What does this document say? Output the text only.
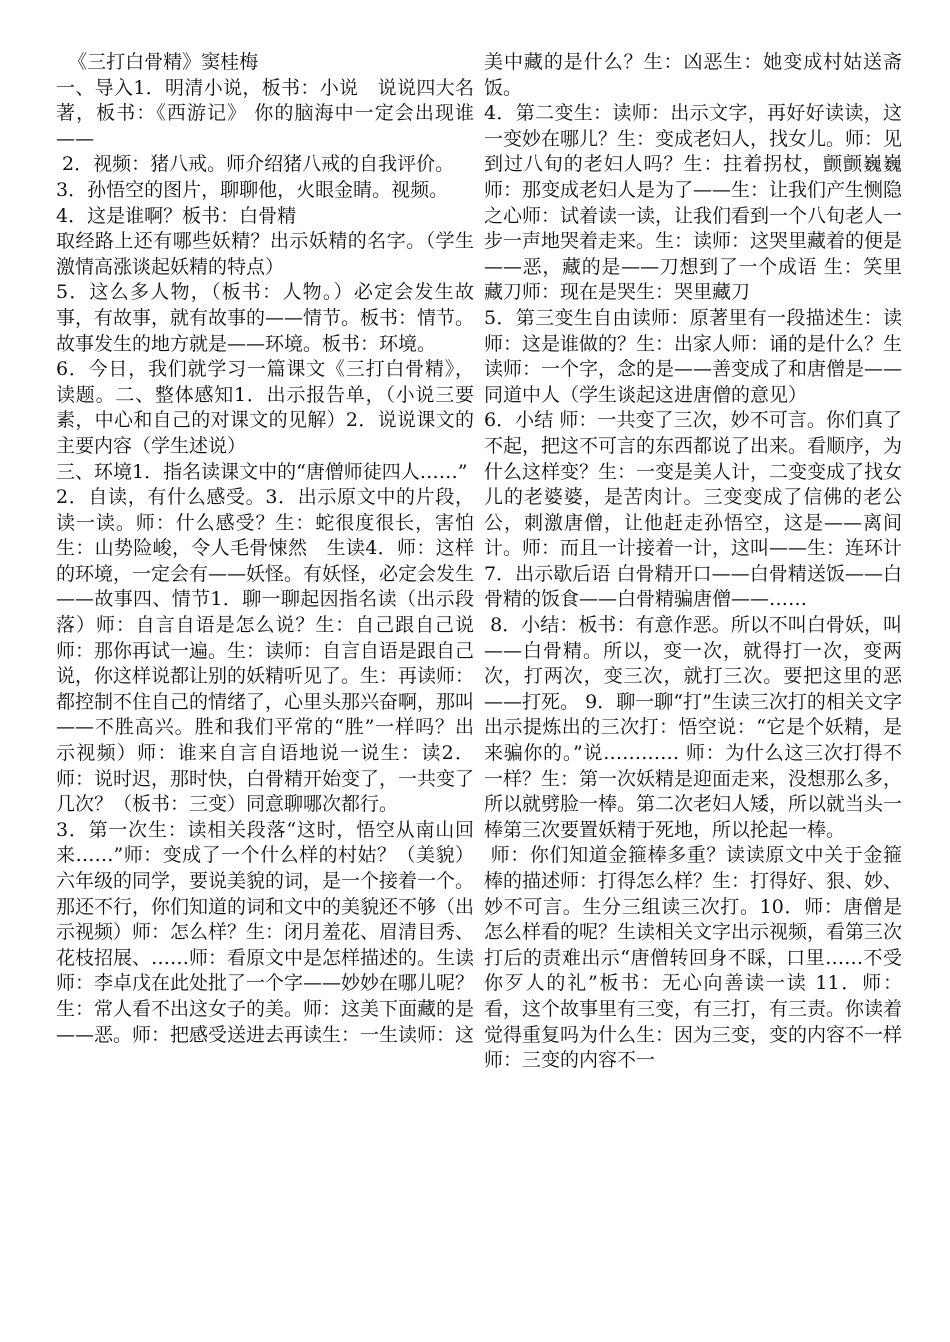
《三打白骨精》窦桂梅
一、导入1．明清小说，板书：小说　说说四大名著，板书：《西游记》 你的脑海中一定会出现谁——
2．视频：猪八戒。师介绍猪八戒的自我评价。
3．孙悟空的图片，聊聊他，火眼金睛。视频。
4．这是谁啊？板书：白骨精
取经路上还有哪些妖精？出示妖精的名字。（学生激情高涨谈起妖精的特点）
5．这么多人物，（板书：人物。）必定会发生故事，有故事，就有故事的——情节。板书：情节。故事发生的地方就是——环境。板书：环境。
6．今日，我们就学习一篇课文《三打白骨精》，读题。二、整体感知1．出示报告单，（小说三要素，中心和自己的对课文的见解）2．说说课文的主要内容（学生述说）
三、环境1．指名读课文中的“唐僧师徒四人……”
2．自读，有什么感受。3．出示原文中的片段，读一读。师：什么感受？生：蛇很度很长，害怕生：山势险峻，令人毛骨悚然　生读4．师：这样的环境，一定会有——妖怪。有妖怪，必定会发生——故事四、情节1．聊一聊起因指名读（出示段落）师：自言自语是怎么说？生：自己跟自己说师：那你再试一遍。生：读师：自言自语是跟自己说，你这样说都让别的妖精听见了。生：再读师：都控制不住自己的情绪了，心里头那兴奋啊，那叫——不胜高兴。胜和我们平常的“胜”一样吗？出示视频）师：谁来自言自语地说一说生：读2．师：说时迟，那时快，白骨精开始变了，一共变了几次？（板书：三变）同意聊哪次都行。
3．第一次生：读相关段落“这时，悟空从南山回来……”师：变成了一个什么样的村姑？（美貌）六年级的同学，要说美貌的词，是一个接着一个。那还不行，你们知道的词和文中的美貌还不够（出示视频）师：怎么样？生：闭月羞花、眉清目秀、花枝招展、……师：看原文中是怎样描述的。生读师：李卓戊在此处批了一个字——妙妙在哪儿呢？生：常人看不出这女子的美。师：这美下面藏的是——恶。师：把感受送进去再读生：一生读师：这
美中藏的是什么？生：凶恶生：她变成村姑送斋饭。
4．第二变生：读师：出示文字，再好好读读，这一变妙在哪儿？生：变成老妇人，找女儿。师：见到过八旬的老妇人吗？生：拄着拐杖，颤颤巍巍师：那变成老妇人是为了——生：让我们产生恻隐之心师：试着读一读，让我们看到一个八旬老人一步一声地哭着走来。生：读师：这哭里藏着的便是——恶，藏的是——刀想到了一个成语 生：笑里藏刀师：现在是哭生：哭里藏刀
5．第三变生自由读师：原著里有一段描述生：读师：这是谁做的？生：出家人师：诵的是什么？生读师：一个字，念的是——善变成了和唐僧是——同道中人（学生谈起这进唐僧的意见）
6．小结 师：一共变了三次，妙不可言。你们真了不起，把这不可言的东西都说了出来。看顺序，为什么这样变？生：一变是美人计，二变变成了找女儿的老婆婆，是苦肉计。三变变成了信佛的老公公，刺激唐僧，让他赶走孙悟空，这是——离间计。师：而且一计接着一计，这叫——生：连环计
7．出示歇后语 白骨精开口——白骨精送饭——白骨精的饭食——白骨精骗唐僧——……
8．小结：板书：有意作恶。所以不叫白骨妖，叫——白骨精。所以，变一次，就得打一次，变两次，打两次，变三次，就打三次。要把这里的恶——打死。 9．聊一聊“打”生读三次打的相关文字出示提炼出的三次打：悟空说：“它是个妖精，是来骗你的。”说………… 师：为什么这三次打得不一样？生：第一次妖精是迎面走来，没想那么多，所以就劈脸一棒。第二次老妇人矮，所以就当头一棒第三次要置妖精于死地，所以抡起一棒。
师：你们知道金箍棒多重？读读原文中关于金箍棒的描述师：打得怎么样？生：打得好、狠、妙、妙不可言。生分三组读三次打。10．师：唐僧是怎么样看的呢？生读相关文字出示视频，看第三次打后的责难出示“唐僧转回身不睬，口里……不受你歹人的礼”板书：无心向善读一读 11．师：看，这个故事里有三变，有三打，有三责。你读着觉得重复吗为什么生：因为三变，变的内容不一样师：三变的内容不一
